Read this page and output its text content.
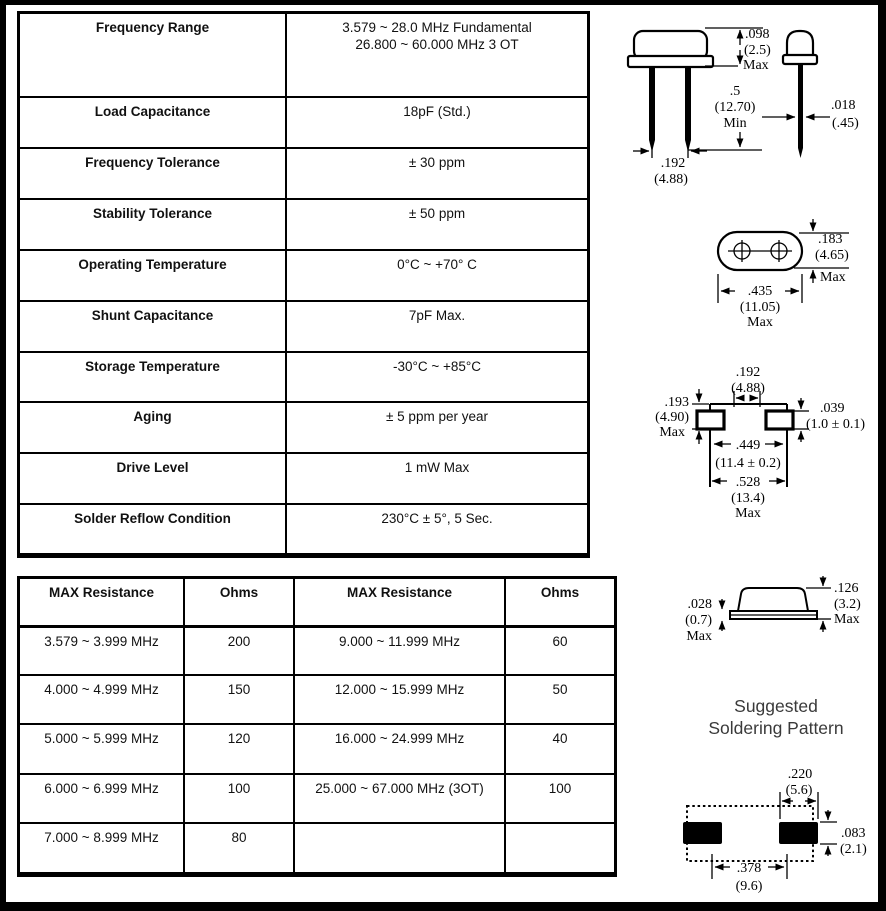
Frequency Range	3.579 ~ 28.0 MHz Fundamental
26.800 ~ 60.000 MHz 3 OT

Load Capacitance	18pF (Std.)
Frequency Tolerance	± 30 ppm
Stability Tolerance	± 50 ppm
Operating Temperature	0°C ~ +70° C
Shunt Capacitance	7pF Max.
Storage Temperature	-30°C ~ +85°C
Aging	± 5 ppm per year
Drive Level	1 mW Max
Solder Reflow Condition	230°C ± 5°, 5 Sec.
MAX Resistance	Ohms	MAX Resistance	Ohms
3.579 ~ 3.999 MHz	200	9.000 ~ 11.999 MHz	60
4.000 ~ 4.999 MHz	150	12.000 ~ 15.999 MHz	50
5.000 ~ 5.999 MHz	120	16.000 ~ 24.999 MHz	40
6.000 ~ 6.999 MHz	100	25.000 ~ 67.000 MHz (3OT)	100
7.000 ~ 8.999 MHz	80		
.098
(2.5)
Max
.5
(12.70)
Min
.192
(4.88)
.018
(.45)
.183
(4.65)
Max
.435
(11.05)
Max
.192
(4.88)
.193
(4.90)
Max
.039
(1.0 ± 0.1)
.449
(11.4 ± 0.2)
.528
(13.4)
Max
.028
(0.7)
Max
.126
(3.2)
Max
Suggested
Soldering Pattern
.220
(5.6)
.083
(2.1)
.378
(9.6)
